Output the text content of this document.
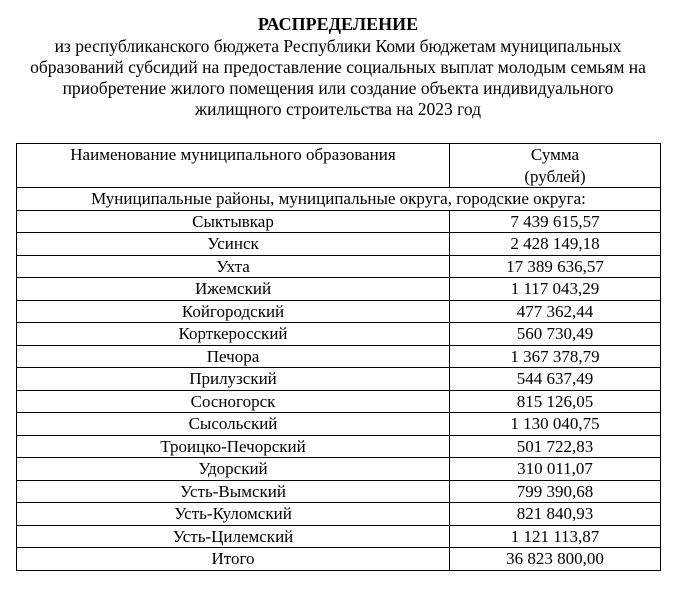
РАСПРЕДЕЛЕНИЕ
из республиканского бюджета Республики Коми бюджетам муниципальных образований субсидий на предоставление социальных выплат молодым семьям на приобретение жилого помещения или создание объекта индивидуального жилищного строительства на 2023 год
Наименование муниципального образования	Сумма
(рублей)

Муниципальные районы, муниципальные округа, городские округа:	
Сыктывкар	7 439 615,57
Усинск	2 428 149,18
Ухта	17 389 636,57
Ижемский	1 117 043,29
Койгородский	477 362,44
Корткеросский	560 730,49
Печора	1 367 378,79
Прилузский	544 637,49
Сосногорск	815 126,05
Сысольский	1 130 040,75
Троицко-Печорский	501 722,83
Удорский	310 011,07
Усть-Вымский	799 390,68
Усть-Куломский	821 840,93
Усть-Цилемский	1 121 113,87
Итого	36 823 800,00
